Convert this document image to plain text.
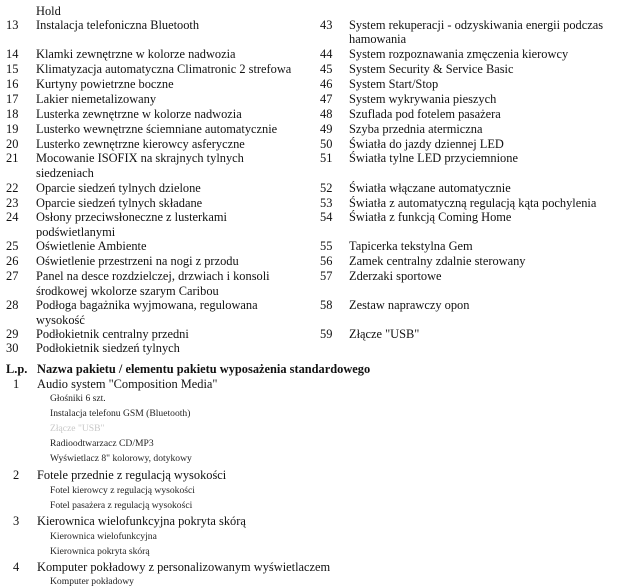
Hold
13 Instalacja telefoniczna Bluetooth
14 Klamki zewnętrzne w kolorze nadwozia
15 Klimatyzacja automatyczna Climatronic 2 strefowa
16 Kurtyny powietrzne boczne
17 Lakier niemetalizowany
18 Lusterka zewnętrzne w kolorze nadwozia
19 Lusterko wewnętrzne ściemniane automatycznie
20 Lusterko zewnętrzne kierowcy asferyczne
21 Mocowanie ISOFIX na skrajnych tylnych
siedzeniach
22 Oparcie siedzeń tylnych dzielone
23 Oparcie siedzeń tylnych składane
24 Osłony przeciwsłoneczne z lusterkami
podświetlanymi
25 Oświetlenie Ambiente
26 Oświetlenie przestrzeni na nogi z przodu
27 Panel na desce rozdzielczej, drzwiach i konsoli
środkowej wkolorze szarym Caribou
28 Podłoga bagażnika wyjmowana, regulowana
wysokość
29 Podłokietnik centralny przedni
30 Podłokietnik siedzeń tylnych
43 System rekuperacji - odzyskiwania energii podczas
hamowania
44 System rozpoznawania zmęczenia kierowcy
45 System Security & Service Basic
46 System Start/Stop
47 System wykrywania pieszych
48 Szuflada pod fotelem pasażera
49 Szyba przednia atermiczna
50 Światła do jazdy dziennej LED
51 Światła tylne LED przyciemnione
52 Światła włączane automatycznie
53 Światła z automatyczną regulacją kąta pochylenia
54 Światła z funkcją Coming Home
55 Tapicerka tekstylna Gem
56 Zamek centralny zdalnie sterowany
57 Zderzaki sportowe
58 Zestaw naprawczy opon
59 Złącze "USB"
L.p. Nazwa pakietu / elementu pakietu wyposażenia standardowego
1 Audio system "Composition Media"
Głośniki 6 szt.
Instalacja telefonu GSM (Bluetooth)
Złącze "USB"
Radioodtwarzacz CD/MP3
Wyświetlacz 8" kolorowy, dotykowy
2 Fotele przednie z regulacją wysokości
Fotel kierowcy z regulacją wysokości
Fotel pasażera z regulacją wysokości
3 Kierownica wielofunkcyjna pokryta skórą
Kierownica wielofunkcyjna
Kierownica pokryta skórą
4 Komputer pokładowy z personalizowanym wyświetlaczem
Komputer pokładowy
